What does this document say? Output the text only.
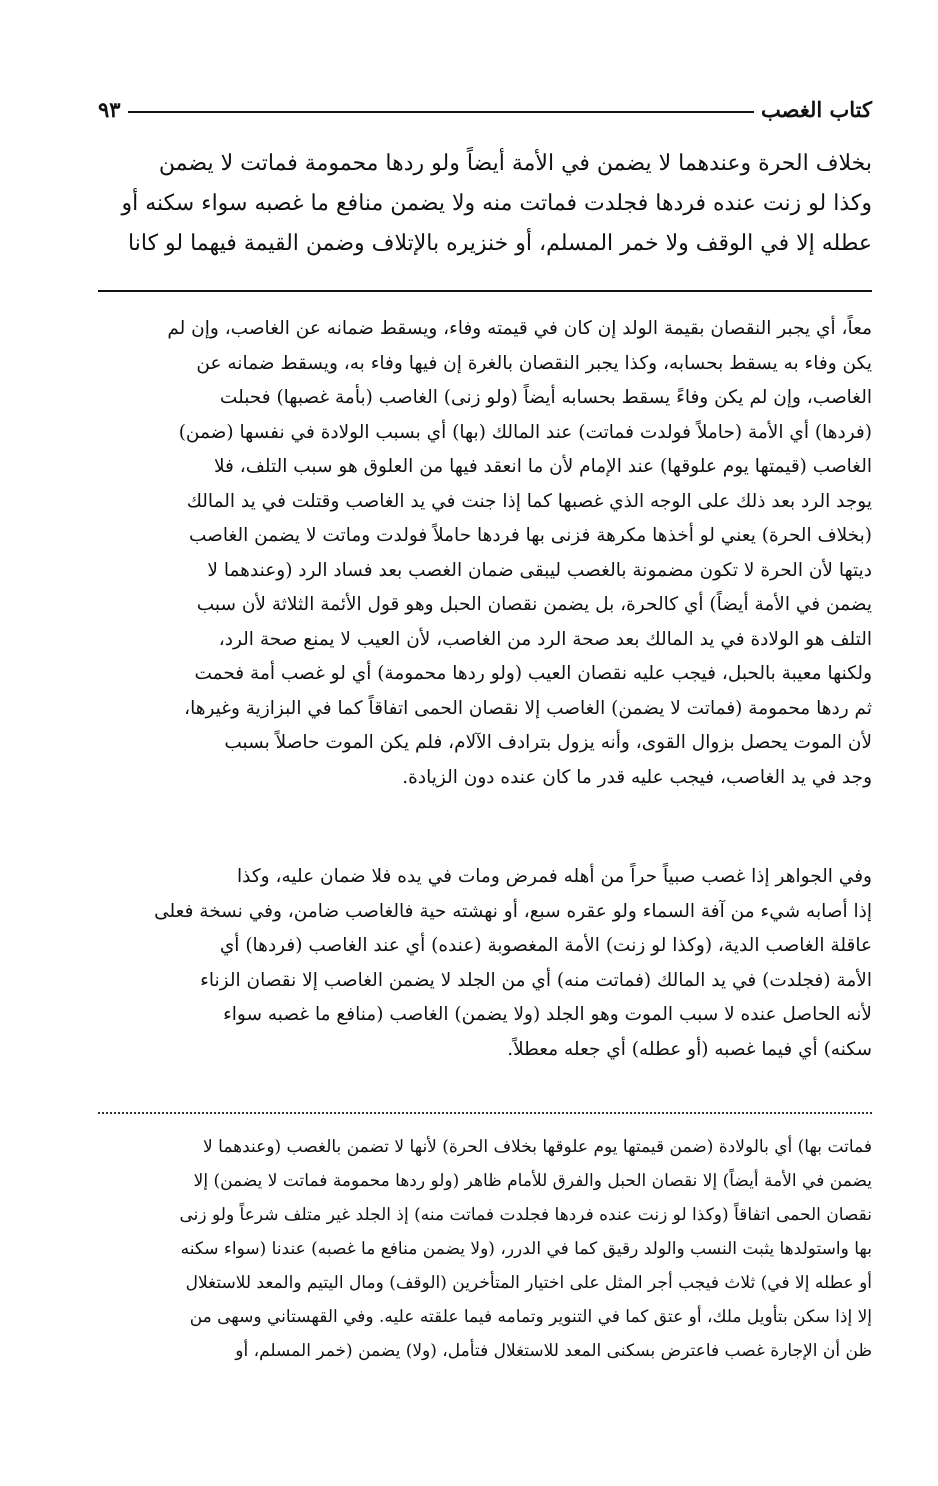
كتاب الغصب
٩٣
بخلاف الحرة وعندهما لا يضمن في الأمة أيضاً ولو ردها محمومة فماتت لا يضمن
وكذا لو زنت عنده فردها فجلدت فماتت منه ولا يضمن منافع ما غصبه سواء سكنه أو
عطله إلا في الوقف ولا خمر المسلم، أو خنزيره بالإتلاف وضمن القيمة فيهما لو كانا
معاً، أي يجبر النقصان بقيمة الولد إن كان في قيمته وفاء، ويسقط ضمانه عن الغاصب، وإن لم
يكن وفاء به يسقط بحسابه، وكذا يجبر النقصان بالغرة إن فيها وفاء به، ويسقط ضمانه عن
الغاصب، وإن لم يكن وفاءً يسقط بحسابه أيضاً (ولو زنى) الغاصب (بأمة غصبها) فحبلت
(فردها) أي الأمة (حاملاً فولدت فماتت) عند المالك (بها) أي بسبب الولادة في نفسها (ضمن)
الغاصب (قيمتها يوم علوقها) عند الإمام لأن ما انعقد فيها من العلوق هو سبب التلف، فلا
يوجد الرد بعد ذلك على الوجه الذي غصبها كما إذا جنت في يد الغاصب وقتلت في يد المالك
(بخلاف الحرة) يعني لو أخذها مكرهة فزنى بها فردها حاملاً فولدت وماتت لا يضمن الغاصب
ديتها لأن الحرة لا تكون مضمونة بالغصب ليبقى ضمان الغصب بعد فساد الرد (وعندهما لا
يضمن في الأمة أيضاً) أي كالحرة، بل يضمن نقصان الحبل وهو قول الأئمة الثلاثة لأن سبب
التلف هو الولادة في يد المالك بعد صحة الرد من الغاصب، لأن العيب لا يمنع صحة الرد،
ولكنها معيبة بالحبل، فيجب عليه نقصان العيب (ولو ردها محمومة) أي لو غصب أمة فحمت
ثم ردها محمومة (فماتت لا يضمن) الغاصب إلا نقصان الحمى اتفاقاً كما في البزازية وغيرها،
لأن الموت يحصل بزوال القوى، وأنه يزول بترادف الآلام، فلم يكن الموت حاصلاً بسبب
وجد في يد الغاصب، فيجب عليه قدر ما كان عنده دون الزيادة.
وفي الجواهر إذا غصب صبياً حراً من أهله فمرض ومات في يده فلا ضمان عليه، وكذا
إذا أصابه شيء من آفة السماء ولو عقره سبع، أو نهشته حية فالغاصب ضامن، وفي نسخة فعلى
عاقلة الغاصب الدية، (وكذا لو زنت) الأمة المغصوبة (عنده) أي عند الغاصب (فردها) أي
الأمة (فجلدت) في يد المالك (فماتت منه) أي من الجلد لا يضمن الغاصب إلا نقصان الزناء
لأنه الحاصل عنده لا سبب الموت وهو الجلد (ولا يضمن) الغاصب (منافع ما غصبه سواء
سكنه) أي فيما غصبه (أو عطله) أي جعله معطلاً.
فماتت بها) أي بالولادة (ضمن قيمتها يوم علوقها بخلاف الحرة) لأنها لا تضمن بالغصب (وعندهما لا
يضمن في الأمة أيضاً) إلا نقصان الحبل والفرق للأمام ظاهر (ولو ردها محمومة فماتت لا يضمن) إلا
نقصان الحمى اتفاقاً (وكذا لو زنت عنده فردها فجلدت فماتت منه) إذ الجلد غير متلف شرعاً ولو زنى
بها واستولدها يثبت النسب والولد رقيق كما في الدرر، (ولا يضمن منافع ما غصبه) عندنا (سواء سكنه
أو عطله إلا في) ثلاث فيجب أجر المثل على اختيار المتأخرين (الوقف) ومال اليتيم والمعد للاستغلال
إلا إذا سكن بتأويل ملك، أو عتق كما في التنوير وتمامه فيما علقته عليه. وفي القهستاني وسهى من
ظن أن الإجارة غصب فاعترض بسكنى المعد للاستغلال فتأمل، (ولا) يضمن (خمر المسلم، أو
